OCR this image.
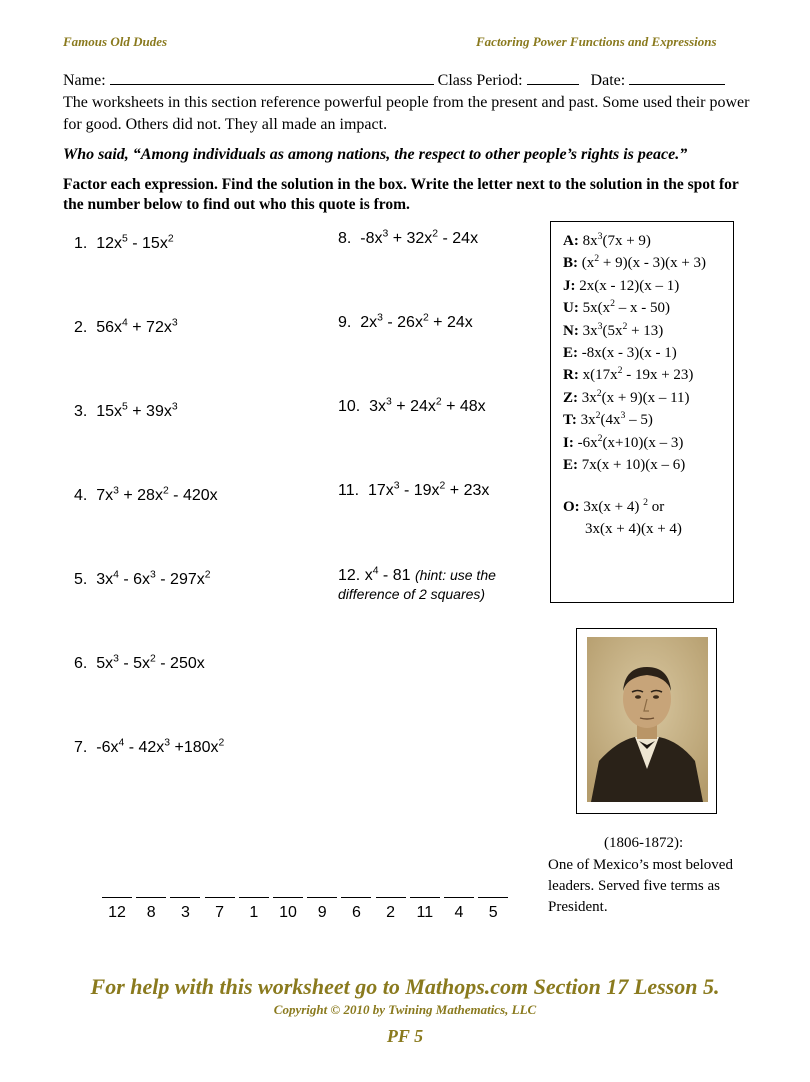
Famous Old Dudes	Factoring Power Functions and Expressions
Name:	Class Period:	Date:
The worksheets in this section reference powerful people from the present and past. Some used their power for good. Others did not. They all made an impact.
Who said, “Among individuals as among nations, the respect to other people’s rights is peace.”
Factor each expression. Find the solution in the box. Write the letter next to the solution in the spot for the number below to find out who this quote is from.
1. $12x^5 - 15x^2$
2. $56x^4 + 72x^3$
3. $15x^5 + 39x^3$
4. $7x^3 + 28x^2 - 420x$
5. $3x^4 - 6x^3 - 297x^2$
6. $5x^3 - 5x^2 - 250x$
7. $-6x^4 - 42x^3 +180x^2$
8. $-8x^3 + 32x^2 - 24x$
9. $2x^3 - 26x^2 + 24x$
10. $3x^3 + 24x^2 + 48x$
11. $17x^3 - 19x^2 + 23x$
12. $x^4 - 81$ (hint: use the difference of 2 squares)
A: $8x^3(7x + 9)$
B: $(x^2 + 9)(x - 3)(x + 3)$
J: 2x(x - 12)(x – 1)
U: $5x(x^2$ – x - 50)
N: $3x^3(5x^2 + 13)$
E: -8x(x - 3)(x - 1)
R: $x(17x^2 - 19x + 23)$
Z: $3x^2(x + 9)(x - 11)$
T: $3x^2(4x^3 - 5)$
I: $-6x^2(x+10)(x - 3)$
E: 7x(x + 10)(x – 6)
O: 3x(x + 4) $^2$ or
3x(x + 4)(x + 4)
(1806-1872):
One of Mexico’s most beloved leaders. Served five terms as President.
12	8	3	7	1	10	9	6	2	11	4	5
For help with this worksheet go to Mathops.com Section 17 Lesson 5.
Copyright © 2010 by Twining Mathematics, LLC
PF 5
